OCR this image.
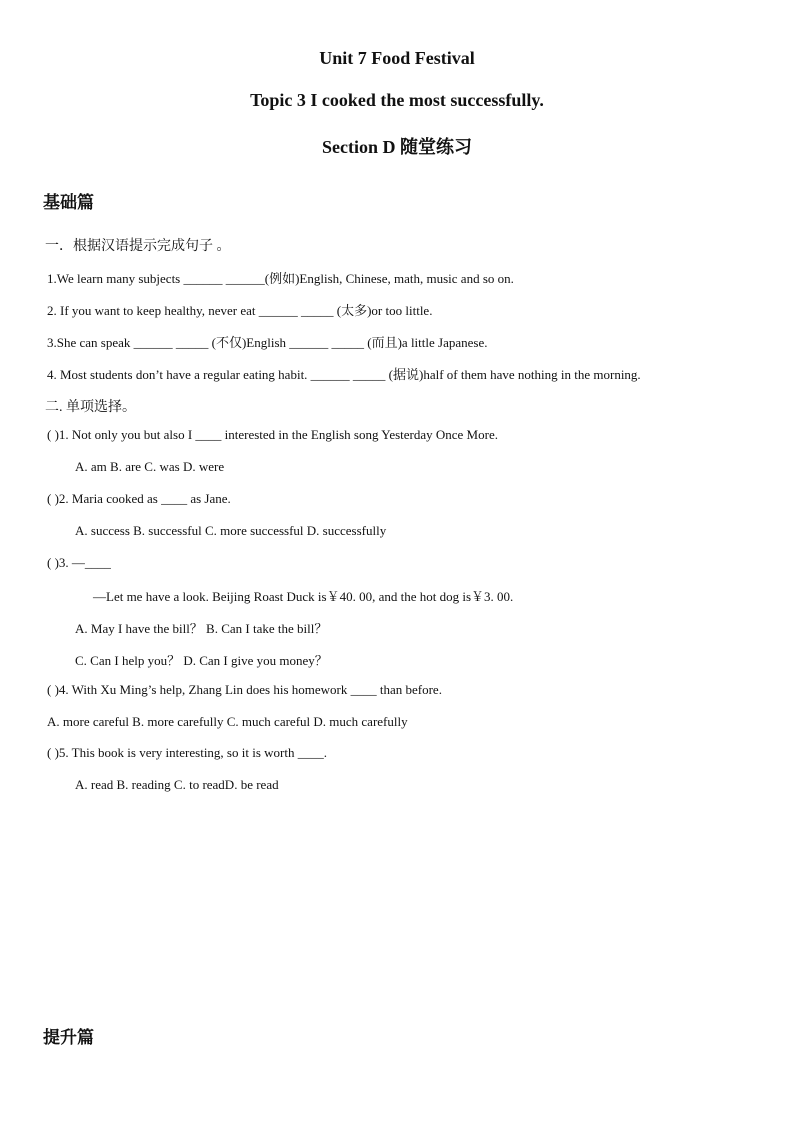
Unit 7 Food Festival
Topic 3 I cooked the most successfully.
Section D 随堂练习
基础篇
一．根据汉语提示完成句子 。
1.We learn many subjects ______ ______(例如)English, Chinese, math, music and so on.
2. If you want to keep healthy, never eat ______ _____ (太多)or too little.
3.She can speak ______ _____ (不仅)English ______ _____ (而且)a little Japanese.
4. Most students don’t have a regular eating habit. ______ _____ (据说)half of them have nothing in the morning.
二. 单项选择。
( )1. Not only you but also I ____ interested in the English song Yesterday Once More.
A. am B. are C. was D. were
( )2. Maria cooked as ____ as Jane.
A. success B. successful C. more successful D. successfully
( )3. —____
—Let me have a look. Beijing Roast Duck is￥40. 00, and the hot dog is￥3. 00.
A. May I have the bill？ B. Can I take the bill？
C. Can I help you？ D. Can I give you money？
( )4. With Xu Ming’s help, Zhang Lin does his homework ____ than before.
A. more careful B. more carefully C. much careful D. much carefully
( )5. This book is very interesting, so it is worth ____.
A. read B. reading C. to readD. be read
提升篇
